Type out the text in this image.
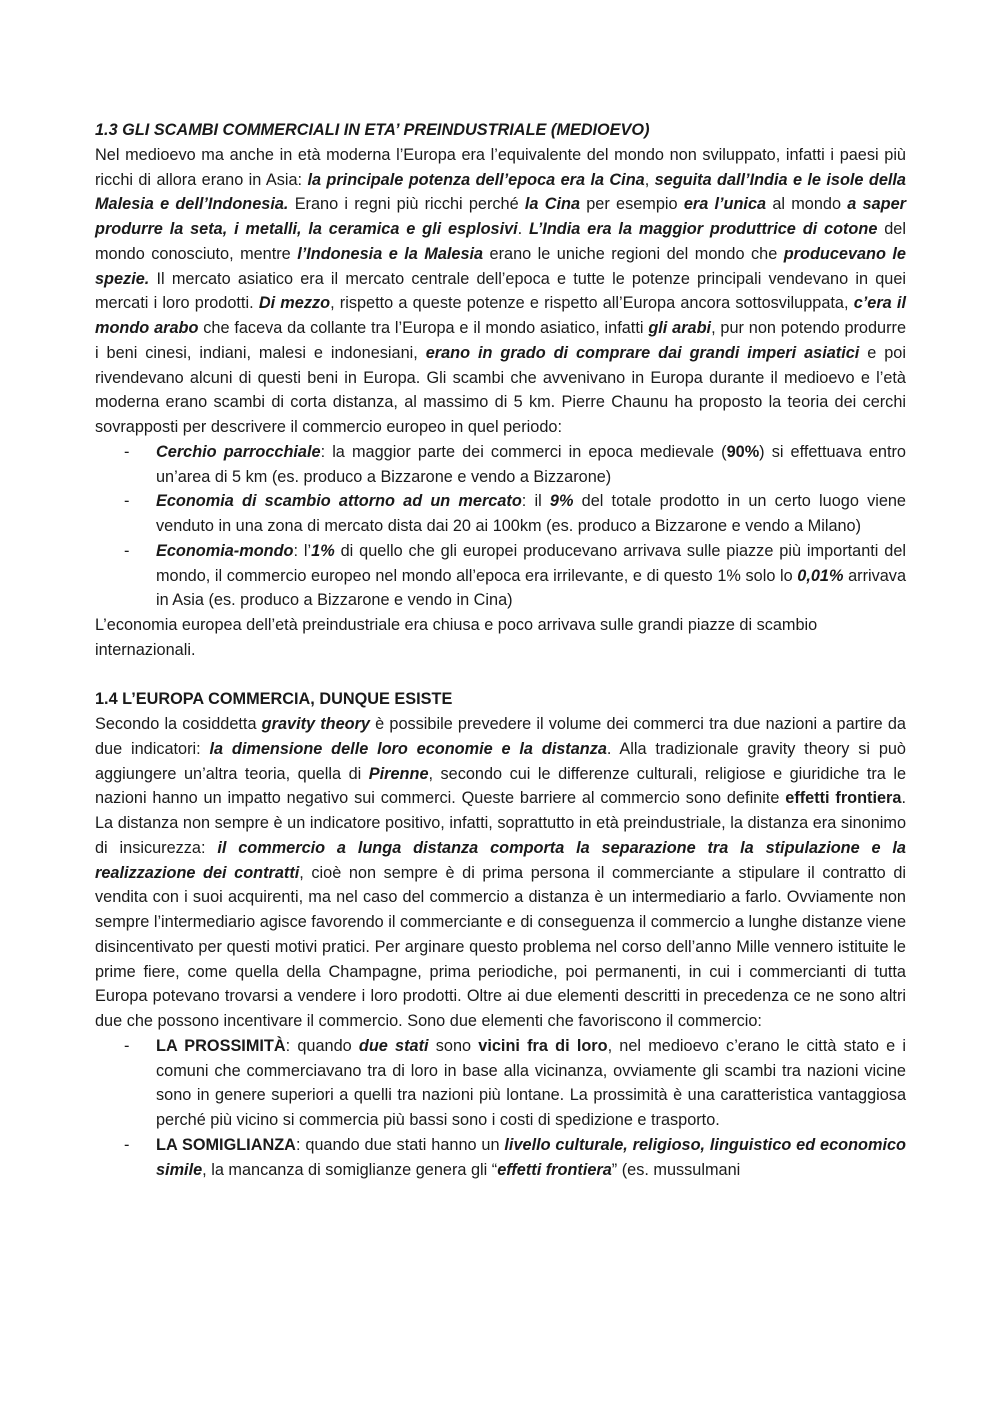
1.3 GLI SCAMBI COMMERCIALI IN ETA’ PREINDUSTRIALE (MEDIOEVO)

Nel medioevo ma anche in età moderna l’Europa era l’equivalente del mondo non sviluppato, infatti i paesi più ricchi di allora erano in Asia: la principale potenza dell’epoca era la Cina, seguita dall’India e le isole della Malesia e dell’Indonesia. Erano i regni più ricchi perché la Cina per esempio era l’unica al mondo a saper produrre la seta, i metalli, la ceramica e gli esplosivi. L’India era la maggior produttrice di cotone del mondo conosciuto, mentre l’Indonesia e la Malesia erano le uniche regioni del mondo che producevano le spezie. Il mercato asiatico era il mercato centrale dell’epoca e tutte le potenze principali vendevano in quei mercati i loro prodotti. Di mezzo, rispetto a queste potenze e rispetto all’Europa ancora sottosviluppata, c’era il mondo arabo che faceva da collante tra l’Europa e il mondo asiatico, infatti gli arabi, pur non potendo produrre i beni cinesi, indiani, malesi e indonesiani, erano in grado di comprare dai grandi imperi asiatici e poi rivendevano alcuni di questi beni in Europa. Gli scambi che avvenivano in Europa durante il medioevo e l’età moderna erano scambi di corta distanza, al massimo di 5 km. Pierre Chaunu ha proposto la teoria dei cerchi sovrapposti per descrivere il commercio europeo in quel periodo:

- Cerchio parrocchiale: la maggior parte dei commerci in epoca medievale (90%) si effettuava entro un’area di 5 km (es. produco a Bizzarone e vendo a Bizzarone)
- Economia di scambio attorno ad un mercato: il 9% del totale prodotto in un certo luogo viene venduto in una zona di mercato dista dai 20 ai 100km (es. produco a Bizzarone e vendo a Milano)
- Economia-mondo: l’1% di quello che gli europei producevano arrivava sulle piazze più importanti del mondo, il commercio europeo nel mondo all’epoca era irrilevante, e di questo 1% solo lo 0,01% arrivava in Asia (es. produco a Bizzarone e vendo in Cina)

L’economia europea dell’età preindustriale era chiusa e poco arrivava sulle grandi piazze di scambio internazionali.

1.4 L’EUROPA COMMERCIA, DUNQUE ESISTE

Secondo la cosiddetta gravity theory è possibile prevedere il volume dei commerci tra due nazioni a partire da due indicatori: la dimensione delle loro economie e la distanza. Alla tradizionale gravity theory si può aggiungere un’altra teoria, quella di Pirenne, secondo cui le differenze culturali, religiose e giuridiche tra le nazioni hanno un impatto negativo sui commerci. Queste barriere al commercio sono definite effetti frontiera. La distanza non sempre è un indicatore positivo, infatti, soprattutto in età preindustriale, la distanza era sinonimo di insicurezza: il commercio a lunga distanza comporta la separazione tra la stipulazione e la realizzazione dei contratti, cioè non sempre è di prima persona il commerciante a stipulare il contratto di vendita con i suoi acquirenti, ma nel caso del commercio a distanza è un intermediario a farlo. Ovviamente non sempre l’intermediario agisce favorendo il commerciante e di conseguenza il commercio a lunghe distanze viene disincentivato per questi motivi pratici. Per arginare questo problema nel corso dell’anno Mille vennero istituite le prime fiere, come quella della Champagne, prima periodiche, poi permanenti, in cui i commercianti di tutta Europa potevano trovarsi a vendere i loro prodotti. Oltre ai due elementi descritti in precedenza ce ne sono altri due che possono incentivare il commercio. Sono due elementi che favoriscono il commercio:

- LA PROSSIMITÀ: quando due stati sono vicini fra di loro, nel medioevo c’erano le città stato e i comuni che commerciavano tra di loro in base alla vicinanza, ovviamente gli scambi tra nazioni vicine sono in genere superiori a quelli tra nazioni più lontane. La prossimità è una caratteristica vantaggiosa perché più vicino si commercia più bassi sono i costi di spedizione e trasporto.
- LA SOMIGLIANZA: quando due stati hanno un livello culturale, religioso, linguistico ed economico simile, la mancanza di somiglianze genera gli “effetti frontiera” (es. mussulmani
